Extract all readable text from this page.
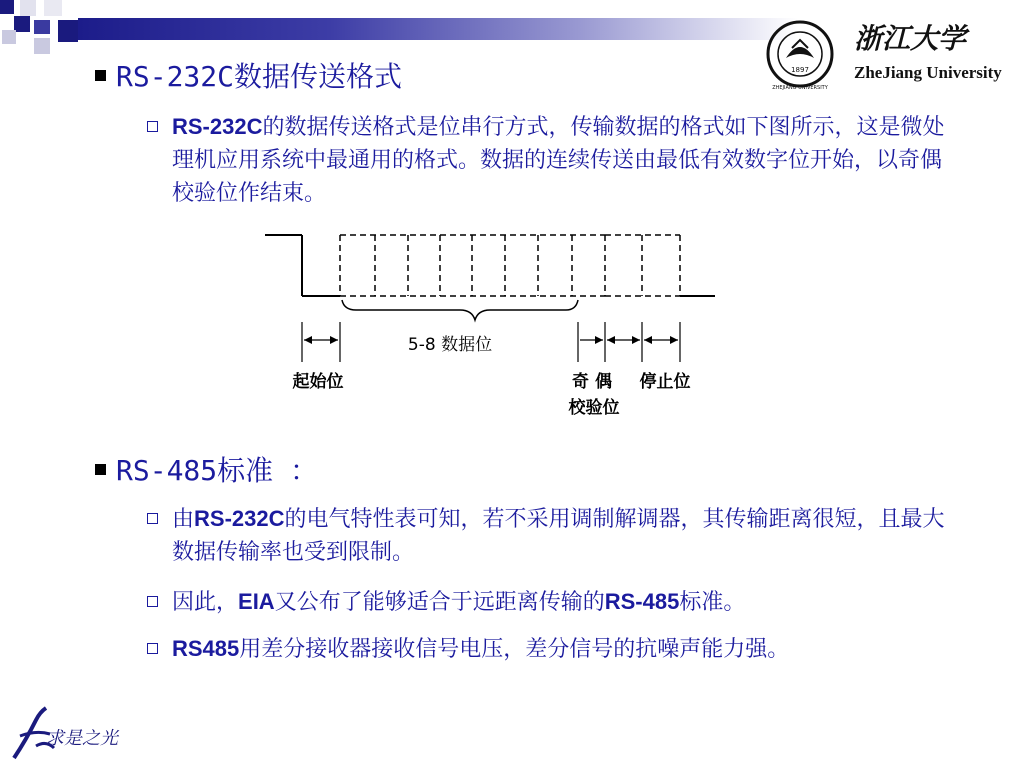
1897
ZHEJIANG UNIVERSITY
浙江大学
ZheJiang University
RS-232C数据传送格式
RS-232C的数据传送格式是位串行方式，传输数据的格式如下图所示，这是微处理机应用系统中最通用的格式。数据的连续传送由最低有效数字位开始，以奇偶校验位作结束。
5-8 数据位
起始位	奇 偶
校验位
停止位
RS-485标准 ：
由RS-232C的电气特性表可知，若不采用调制解调器，其传输距离很短，且最大数据传输率也受到限制。
因此，EIA又公布了能够适合于远距离传输的RS-485标准。
RS485用差分接收器接收信号电压，差分信号的抗噪声能力强。
求是之光
